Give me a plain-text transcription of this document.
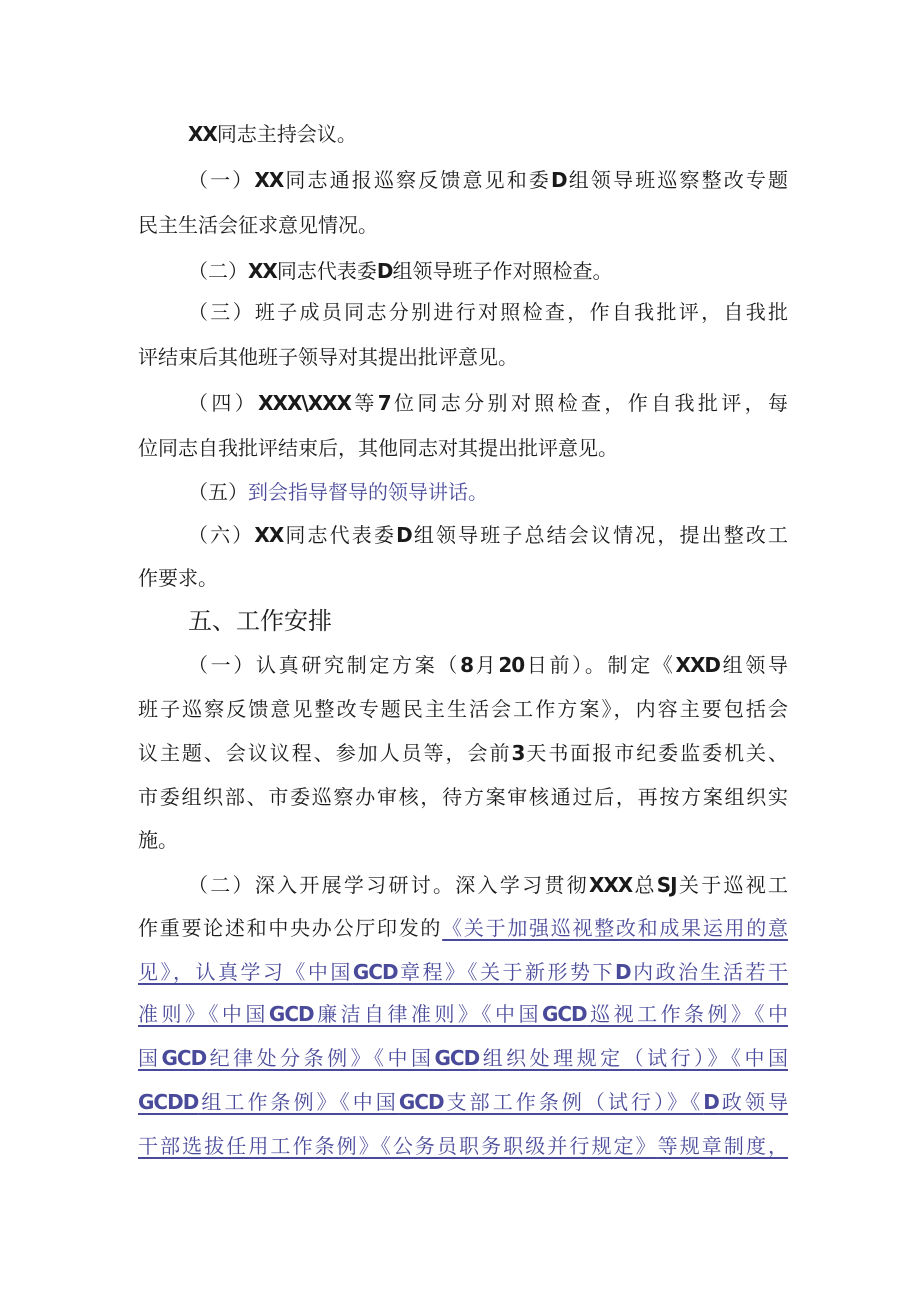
XX同志主持会议。
（一）XX同志通报巡察反馈意见和委D组领导班巡察整改专题
民主生活会征求意见情况。
（二）XX同志代表委D组领导班子作对照检查。
（三）班子成员同志分别进行对照检查，作自我批评，自我批
评结束后其他班子领导对其提出批评意见。
（四）XXX\XXX等7位同志分别对照检查，作自我批评，每
位同志自我批评结束后，其他同志对其提出批评意见。
（五）到会指导督导的领导讲话。
（六）XX同志代表委D组领导班子总结会议情况，提出整改工
作要求。
五、工作安排
（一）认真研究制定方案（8月20日前）。制定《XXD组领导
班子巡察反馈意见整改专题民主生活会工作方案》，内容主要包括会
议主题、会议议程、参加人员等，会前3天书面报市纪委监委机关、
市委组织部、市委巡察办审核，待方案审核通过后，再按方案组织实
施。
（二）深入开展学习研讨。深入学习贯彻XXX总SJ关于巡视工
作重要论述和中央办公厅印发的《关于加强巡视整改和成果运用的意
见》，认真学习《中国GCD章程》《关于新形势下D内政治生活若干
准则》《中国GCD廉洁自律准则》《中国GCD巡视工作条例》《中
国GCD纪律处分条例》《中国GCD组织处理规定（试行）》《中国
GCDD组工作条例》《中国GCD支部工作条例（试行）》《D政领导
干部选拔任用工作条例》《公务员职务职级并行规定》等规章制度，
